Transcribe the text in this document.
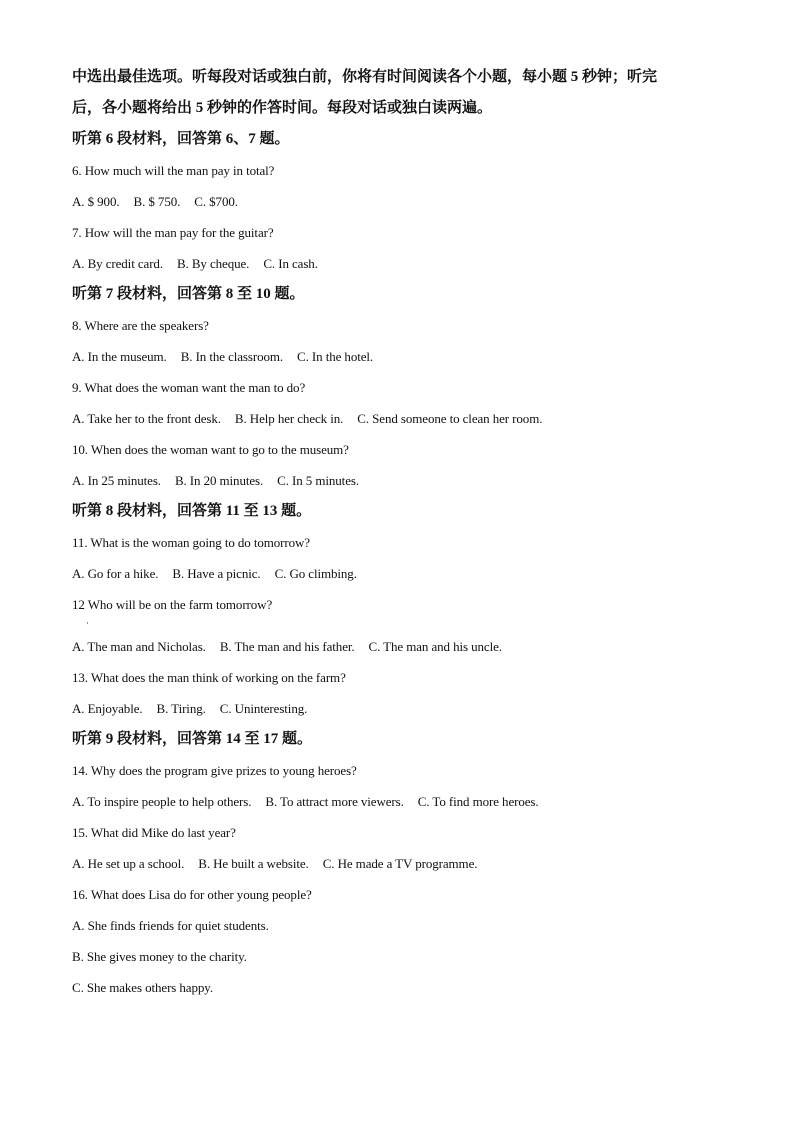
中选出最佳选项。听每段对话或独白前，你将有时间阅读各个小题，每小题 5 秒钟；听完

后，各小题将给出 5 秒钟的作答时间。每段对话或独白读两遍。

听第 6 段材料，回答第 6、7 题。

6. How much will the man pay in total?

A. $ 900. B. $ 750. C. $700.

7. How will the man pay for the guitar?

A. By credit card. B. By cheque. C. In cash.

听第 7 段材料，回答第 8 至 10 题。

8. Where are the speakers?

A. In the museum. B. In the classroom. C. In the hotel.

9. What does the woman want the man to do?

A. Take her to the front desk. B. Help her check in. C. Send someone to clean her room.

10. When does the woman want to go to the museum?

A. In 25 minutes. B. In 20 minutes. C. In 5 minutes.

听第 8 段材料，回答第 11 至 13 题。

11. What is the woman going to do tomorrow?

A. Go for a hike. B. Have a picnic. C. Go climbing.

12 Who will be on the farm tomorrow?

·

A. The man and Nicholas. B. The man and his father. C. The man and his uncle.

13. What does the man think of working on the farm?

A. Enjoyable. B. Tiring. C. Uninteresting.

听第 9 段材料，回答第 14 至 17 题。

14. Why does the program give prizes to young heroes?

A. To inspire people to help others. B. To attract more viewers. C. To find more heroes.

15. What did Mike do last year?

A. He set up a school. B. He built a website. C. He made a TV programme.

16. What does Lisa do for other young people?

A. She finds friends for quiet students.

B. She gives money to the charity.

C. She makes others happy.
